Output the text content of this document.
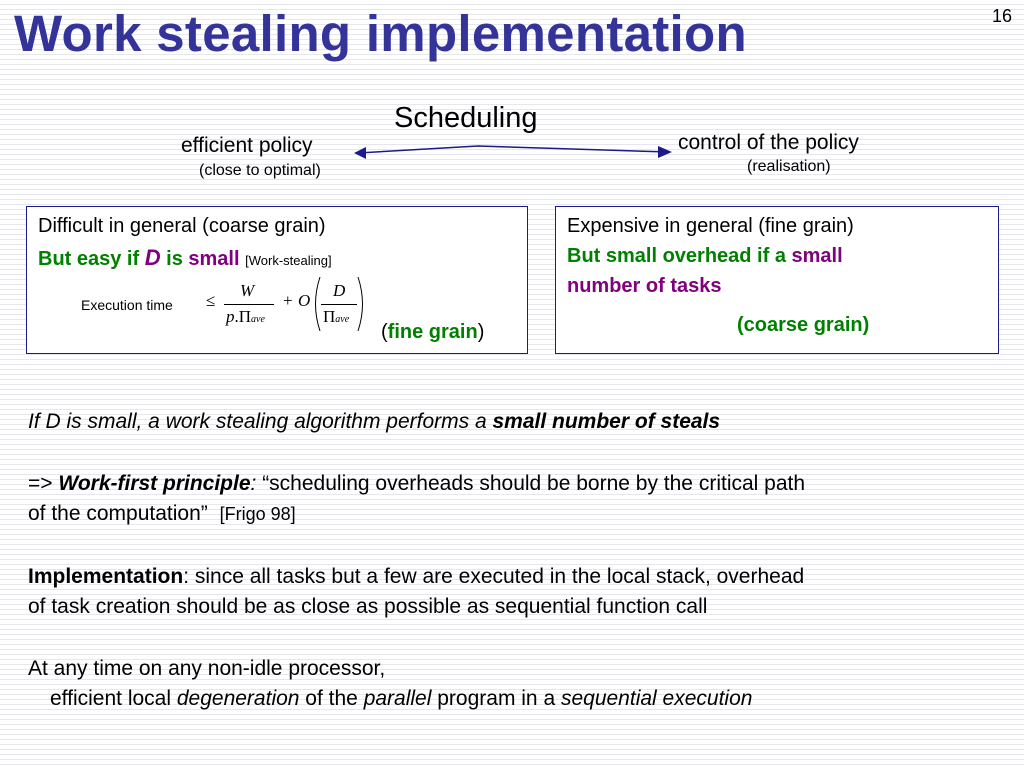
Work stealing implementation	16
Scheduling
efficient policy
(close to optimal)
control of the policy
(realisation)
Difficult in general (coarse grain)
But easy if D is small [Work-stealing]
Execution time ≤
W
p.Πave
+ O
D
Πave
(fine grain)
Expensive in general (fine grain)
But small overhead if a small
number of tasks
(coarse grain)
If D is small, a work stealing algorithm performs a small number of steals
=> Work-first principle: “scheduling overheads should be borne by the critical path
of the computation” [Frigo 98]
Implementation: since all tasks but a few are executed in the local stack, overhead
of task creation should be as close as possible as sequential function call
At any time on any non-idle processor,
efficient local degeneration of the parallel program in a sequential execution
